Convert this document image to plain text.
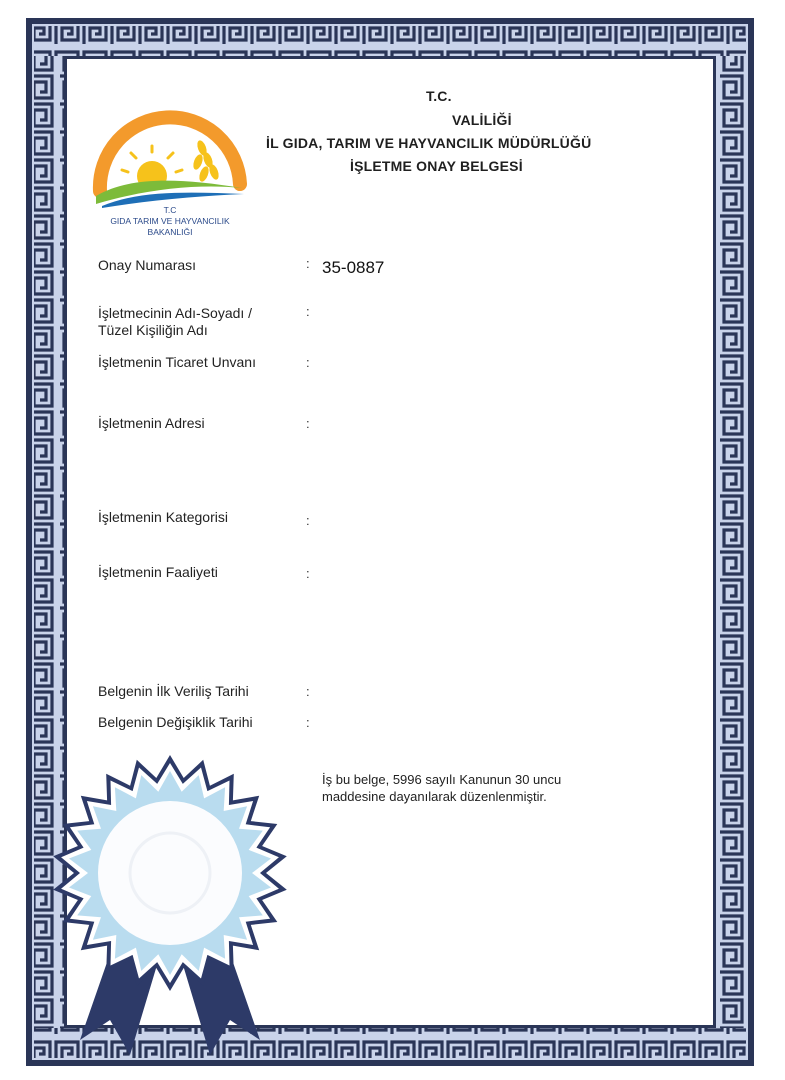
T.C
GIDA TARIM VE HAYVANCILIK
BAKANLIĞI
T.C.
VALİLİĞİ
İL GIDA, TARIM VE HAYVANCILIK MÜDÜRLÜĞÜ
İŞLETME ONAY BELGESİ
Onay Numarası	: 35-0887
İşletmecinin Adı-Soyadı /
Tüzel Kişiliğin Adı
:
İşletmenin Ticaret Unvanı	:
İşletmenin Adresi	:
İşletmenin Kategorisi	:
İşletmenin Faaliyeti	:
Belgenin İlk Veriliş Tarihi	:
Belgenin Değişiklik Tarihi	:
İş bu belge, 5996 sayılı Kanunun 30 uncu
maddesine dayanılarak düzenlenmiştir.
